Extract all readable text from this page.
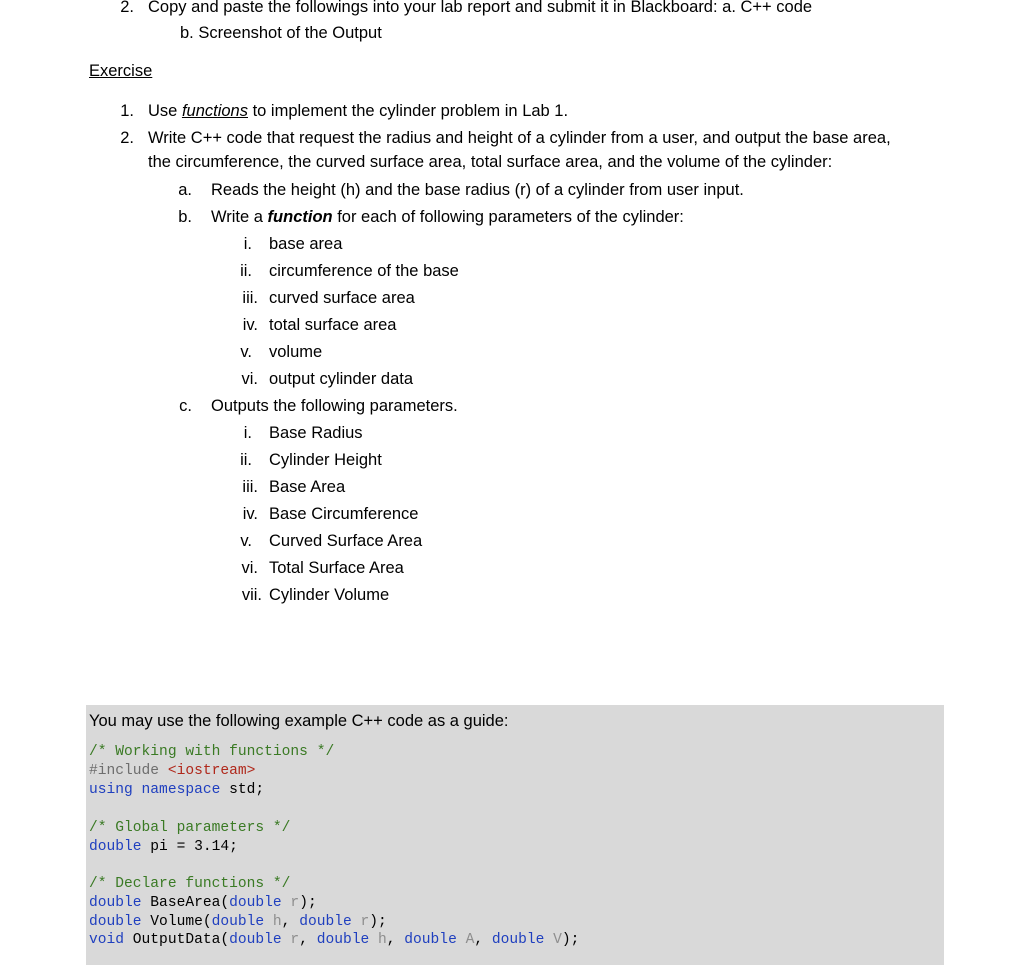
2. Copy and paste the followings into your lab report and submit it in Blackboard: a. C++ code
b. Screenshot of the Output
Exercise
1. Use functions to implement the cylinder problem in Lab 1.
2. Write C++ code that request the radius and height of a cylinder from a user, and output the base area,
the circumference, the curved surface area, total surface area, and the volume of the cylinder:
a. Reads the height (h) and the base radius (r) of a cylinder from user input.
b. Write a function for each of following parameters of the cylinder:
i. base area
ii. circumference of the base
iii. curved surface area
iv. total surface area
v. volume
vi. output cylinder data
c. Outputs the following parameters.
i. Base Radius
ii. Cylinder Height
iii. Base Area
iv. Base Circumference
v. Curved Surface Area
vi. Total Surface Area
vii. Cylinder Volume
You may use the following example C++ code as a guide:
/* Working with functions */
#include <iostream>
using namespace std;
/* Global parameters */
double pi = 3.14;
/* Declare functions */
double BaseArea(double r);
double Volume(double h, double r);
void OutputData(double r, double h, double A, double V);
